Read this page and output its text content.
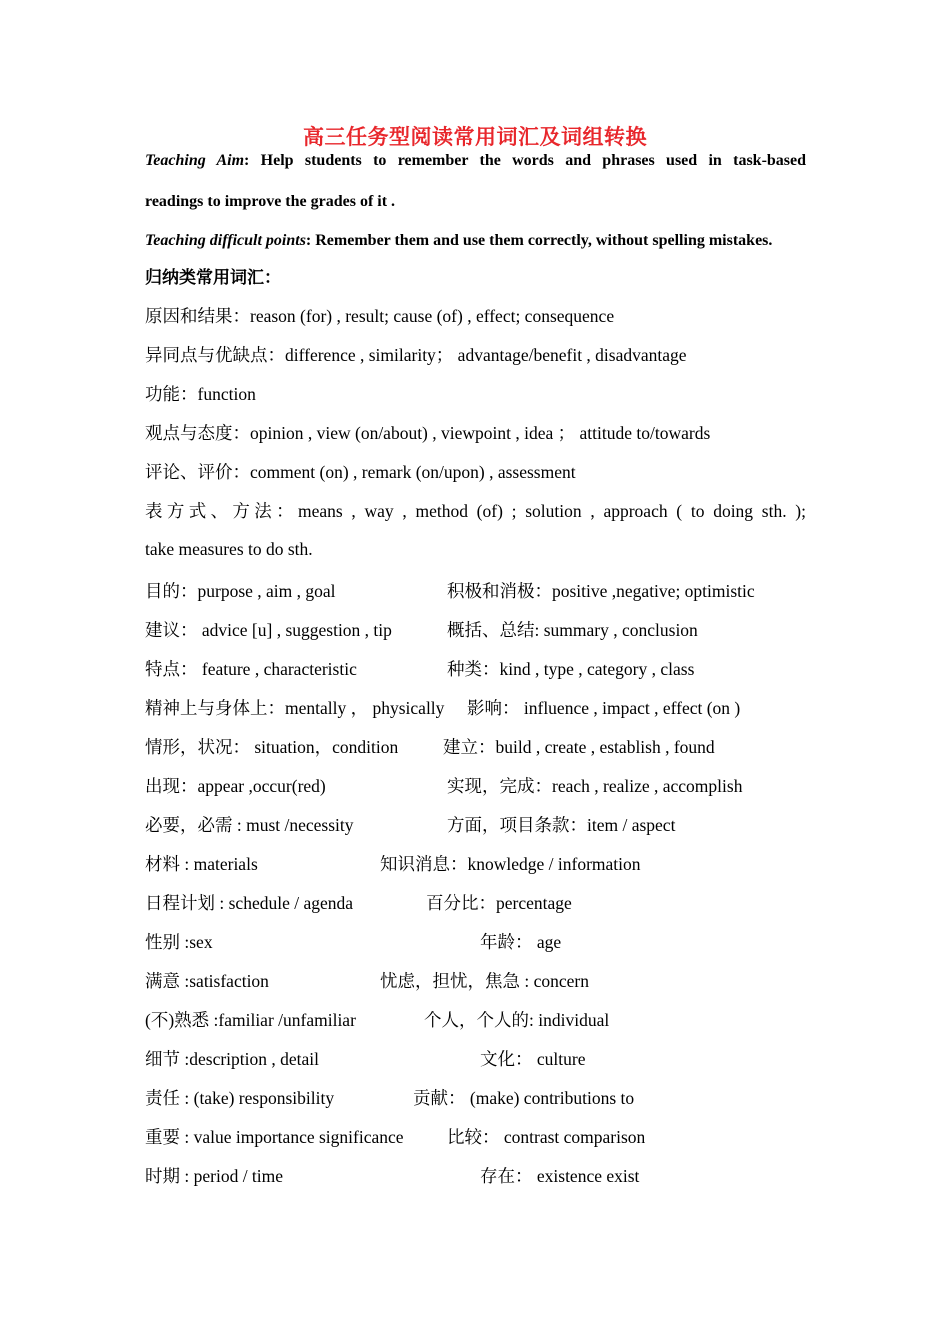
高三任务型阅读常用词汇及词组转换
Teaching Aim: Help students to remember the words and phrases used in task-based
readings to improve the grades of it .
Teaching difficult points: Remember them and use them correctly, without spelling mistakes.
归纳类常用词汇：
原因和结果：reason (for) , result; cause (of) , effect; consequence
异同点与优缺点：difference , similarity； advantage/benefit , disadvantage
功能：function
观点与态度：opinion , view (on/about) , viewpoint , idea ； attitude to/towards
评论、评价：comment (on) , remark (on/upon) , assessment
表方式、方法：means , way , method (of) ; solution , approach ( to doing sth. );
take measures to do sth.
目的：purpose , aim , goal	积极和消极：positive ,negative; optimistic
建议： advice [u] , suggestion , tip	概括、总结: summary , conclusion
特点： feature , characteristic	种类：kind , type , category , class
精神上与身体上：mentally ， physically 影响： influence , impact , effect (on )
情形，状况： situation，condition	建立：build , create , establish , found
出现：appear ,occur(red)	实现，完成：reach , realize , accomplish
必要，必需 : must /necessity	方面，项目条款：item / aspect
材料 : materials	知识消息：knowledge / information
日程计划 : schedule / agenda	百分比：percentage
性别 :sex	年龄： age
满意 :satisfaction	忧虑，担忧，焦急 : concern
(不)熟悉 :familiar /unfamiliar	个人，个人的: individual
细节 :description , detail	文化： culture
责任 : (take) responsibility	贡献： (make) contributions to
重要 : value importance significance 比较： contrast comparison
时期 : period / time	存在： existence exist
